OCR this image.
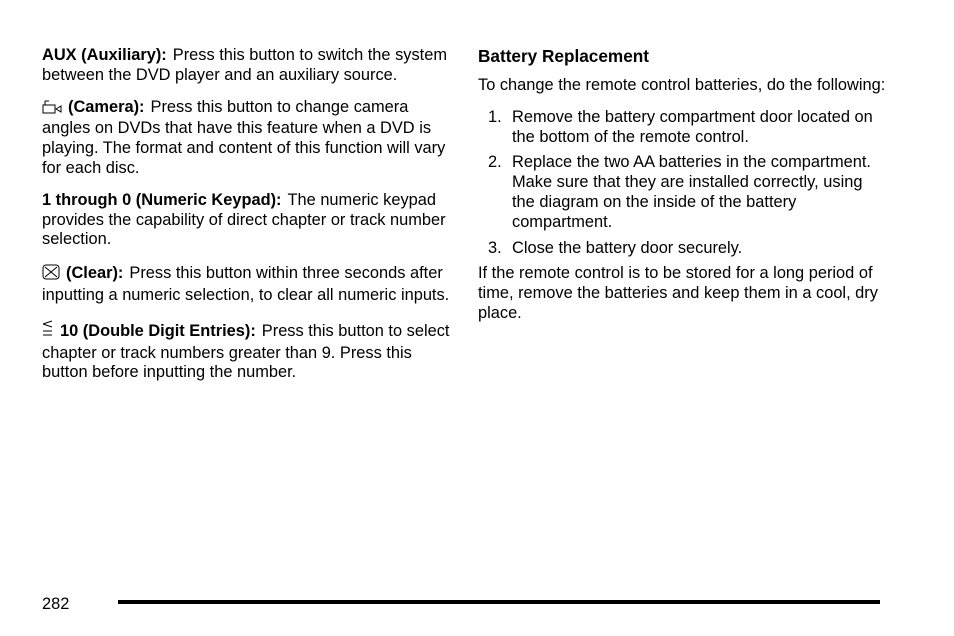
AUX (Auxiliary): Press this button to switch the system between the DVD player and an auxiliary source.

(Camera): Press this button to change camera angles on DVDs that have this feature when a DVD is playing. The format and content of this function will vary for each disc.

1 through 0 (Numeric Keypad): The numeric keypad provides the capability of direct chapter or track number selection.

(Clear): Press this button within three seconds after inputting a numeric selection, to clear all numeric inputs.

10 (Double Digit Entries): Press this button to select chapter or track numbers greater than 9. Press this button before inputting the number.

Battery Replacement

To change the remote control batteries, do the following:

1. Remove the battery compartment door located on the bottom of the remote control.
2. Replace the two AA batteries in the compartment. Make sure that they are installed correctly, using the diagram on the inside of the battery compartment.
3. Close the battery door securely.

If the remote control is to be stored for a long period of time, remove the batteries and keep them in a cool, dry place.

282
